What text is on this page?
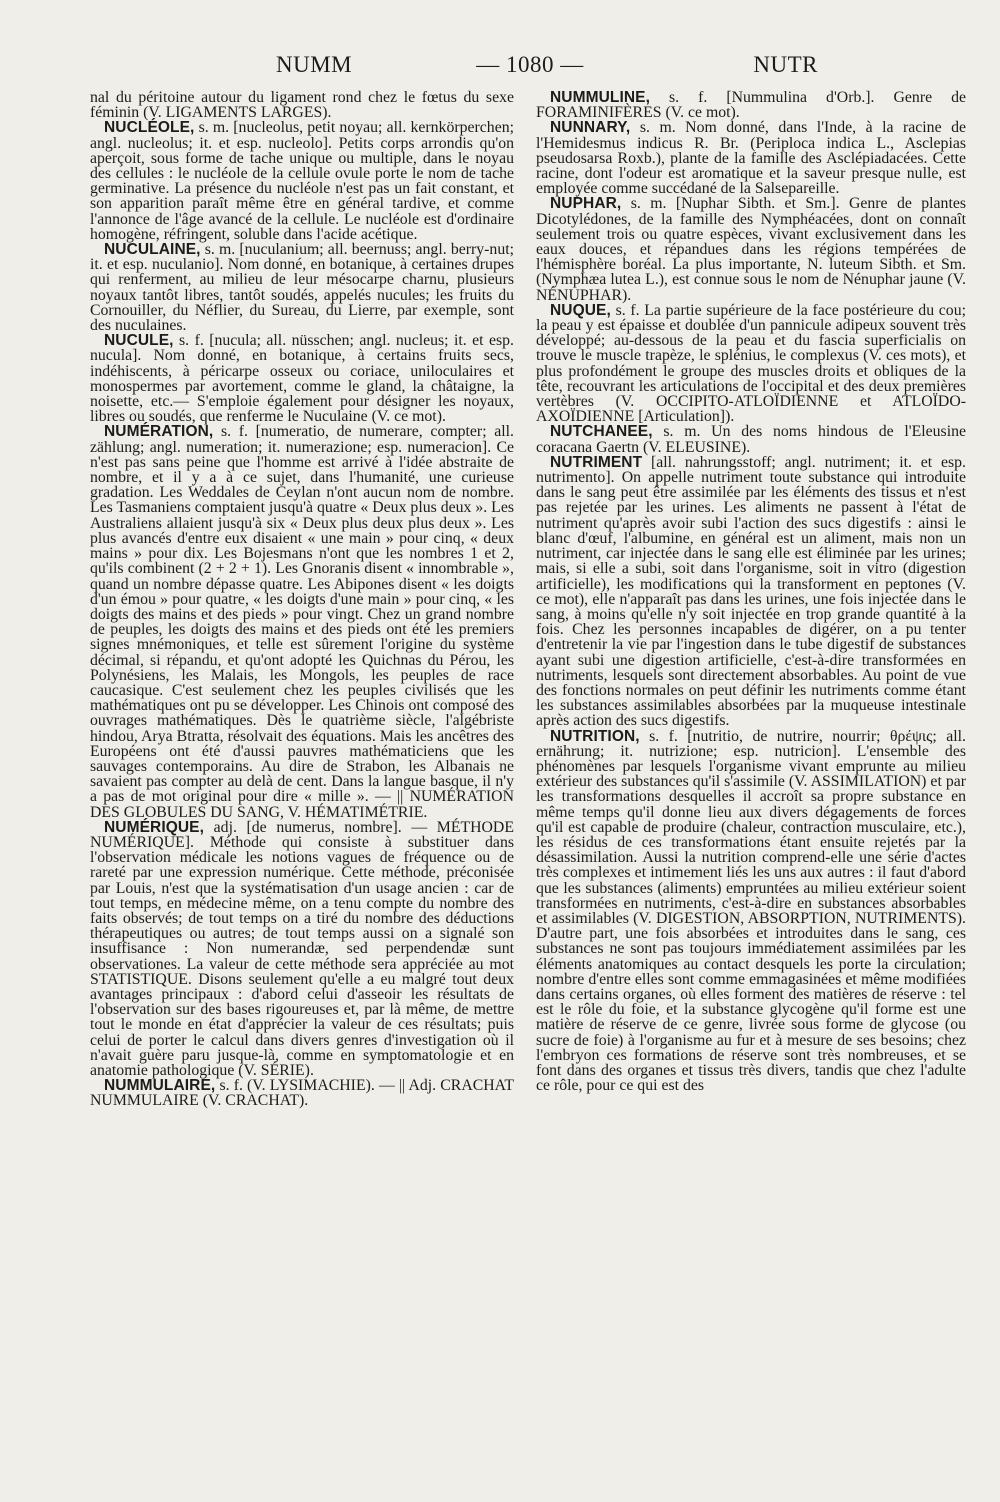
NUMM	— 1080 —	NUTR

nal du péritoine autour du ligament rond chez le fœtus du sexe féminin (V. LIGAMENTS LARGES).

NUCLÉOLE, s. m. [nucleolus, petit noyau; all. kernkörperchen; angl. nucleolus; it. et esp. nucleolo]. Petits corps arrondis qu'on aperçoit, sous forme de tache unique ou multiple, dans le noyau des cellules : le nucléole de la cellule ovule porte le nom de tache germinative. La présence du nucléole n'est pas un fait constant, et son apparition paraît même être en général tardive, et comme l'annonce de l'âge avancé de la cellule. Le nucléole est d'ordinaire homogène, réfringent, soluble dans l'acide acétique.

NUCULAINE, s. m. [nuculanium; all. beernuss; angl. berry-nut; it. et esp. nuculanio]. Nom donné, en botanique, à certaines drupes qui renferment, au milieu de leur mésocarpe charnu, plusieurs noyaux tantôt libres, tantôt soudés, appelés nucules; les fruits du Cornouiller, du Néflier, du Sureau, du Lierre, par exemple, sont des nuculaines.

NUCULE, s. f. [nucula; all. nüsschen; angl. nucleus; it. et esp. nucula]. Nom donné, en botanique, à certains fruits secs, indéhiscents, à péricarpe osseux ou coriace, uniloculaires et monospermes par avortement, comme le gland, la châtaigne, la noisette, etc.— S'emploie également pour désigner les noyaux, libres ou soudés, que renferme le Nuculaine (V. ce mot).

NUMÉRATION, s. f. [numeratio, de numerare, compter; all. zählung; angl. numeration; it. numerazione; esp. numeracion]. Ce n'est pas sans peine que l'homme est arrivé à l'idée abstraite de nombre, et il y a à ce sujet, dans l'humanité, une curieuse gradation. Les Weddales de Ceylan n'ont aucun nom de nombre. Les Tasmaniens comptaient jusqu'à quatre « Deux plus deux ». Les Australiens allaient jusqu'à six « Deux plus deux plus deux ». Les plus avancés d'entre eux disaient « une main » pour cinq, « deux mains » pour dix. Les Bojesmans n'ont que les nombres 1 et 2, qu'ils combinent (2 + 2 + 1). Les Gnoranis disent « innombrable », quand un nombre dépasse quatre. Les Abipones disent « les doigts d'un émou » pour quatre, « les doigts d'une main » pour cinq, « les doigts des mains et des pieds » pour vingt. Chez un grand nombre de peuples, les doigts des mains et des pieds ont été les premiers signes mnémoniques, et telle est sûrement l'origine du système décimal, si répandu, et qu'ont adopté les Quichnas du Pérou, les Polynésiens, les Malais, les Mongols, les peuples de race caucasique. C'est seulement chez les peuples civilisés que les mathématiques ont pu se développer. Les Chinois ont composé des ouvrages mathématiques. Dès le quatrième siècle, l'algébriste hindou, Arya Btratta, résolvait des équations. Mais les ancêtres des Européens ont été d'aussi pauvres mathématiciens que les sauvages contemporains. Au dire de Strabon, les Albanais ne savaient pas compter au delà de cent. Dans la langue basque, il n'y a pas de mot original pour dire « mille ». — || NUMÉRATION DES GLOBULES DU SANG, V. HÉMATIMÉTRIE.

NUMÉRIQUE, adj. [de numerus, nombre]. — MÉTHODE NUMÉRIQUE]. Méthode qui consiste à substituer dans l'observation médicale les notions vagues de fréquence ou de rareté par une expression numérique. Cette méthode, préconisée par Louis, n'est que la systématisation d'un usage ancien : car de tout temps, en médecine même, on a tenu compte du nombre des faits observés; de tout temps on a tiré du nombre des déductions thérapeutiques ou autres; de tout temps aussi on a signalé son insuffisance : Non numerandæ, sed perpendendæ sunt observationes. La valeur de cette méthode sera appréciée au mot STATISTIQUE. Disons seulement qu'elle a eu malgré tout deux avantages principaux : d'abord celui d'asseoir les résultats de l'observation sur des bases rigoureuses et, par là même, de mettre tout le monde en état d'apprécier la valeur de ces résultats; puis celui de porter le calcul dans divers genres d'investigation où il n'avait guère paru jusque-là, comme en symptomatologie et en anatomie pathologique (V. SÉRIE).

NUMMULAIRE, s. f. (V. LYSIMACHIE). — || Adj. CRACHAT NUMMULAIRE (V. CRACHAT).

NUMMULINE, s. f. [Nummulina d'Orb.]. Genre de FORAMINIFÈRES (V. ce mot).

NUNNARY, s. m. Nom donné, dans l'Inde, à la racine de l'Hemidesmus indicus R. Br. (Periploca indica L., Asclepias pseudosarsa Roxb.), plante de la famille des Asclépiadacées. Cette racine, dont l'odeur est aromatique et la saveur presque nulle, est employée comme succédané de la Salsepareille.

NUPHAR, s. m. [Nuphar Sibth. et Sm.]. Genre de plantes Dicotylédones, de la famille des Nymphéacées, dont on connaît seulement trois ou quatre espèces, vivant exclusivement dans les eaux douces, et répandues dans les régions tempérées de l'hémisphère boréal. La plus importante, N. luteum Sibth. et Sm. (Nymphæa lutea L.), est connue sous le nom de Nénuphar jaune (V. NÉNUPHAR).

NUQUE, s. f. La partie supérieure de la face postérieure du cou; la peau y est épaisse et doublée d'un pannicule adipeux souvent très développé; au-dessous de la peau et du fascia superficialis on trouve le muscle trapèze, le splénius, le complexus (V. ces mots), et plus profondément le groupe des muscles droits et obliques de la tête, recouvrant les articulations de l'occipital et des deux premières vertèbres (V. OCCIPITO-ATLOÏDIENNE et ATLOÏDO-AXOÏDIENNE [Articulation]).

NUTCHANEE, s. m. Un des noms hindous de l'Eleusine coracana Gaertn (V. ELEUSINE).

NUTRIMENT [all. nahrungsstoff; angl. nutriment; it. et esp. nutrimento]. On appelle nutriment toute substance qui introduite dans le sang peut être assimilée par les éléments des tissus et n'est pas rejetée par les urines. Les aliments ne passent à l'état de nutriment qu'après avoir subi l'action des sucs digestifs : ainsi le blanc d'œuf, l'albumine, en général est un aliment, mais non un nutriment, car injectée dans le sang elle est éliminée par les urines; mais, si elle a subi, soit dans l'organisme, soit in vitro (digestion artificielle), les modifications qui la transforment en peptones (V. ce mot), elle n'apparaît pas dans les urines, une fois injectée dans le sang, à moins qu'elle n'y soit injectée en trop grande quantité à la fois. Chez les personnes incapables de digérer, on a pu tenter d'entretenir la vie par l'ingestion dans le tube digestif de substances ayant subi une digestion artificielle, c'est-à-dire transformées en nutriments, lesquels sont directement absorbables. Au point de vue des fonctions normales on peut définir les nutriments comme étant les substances assimilables absorbées par la muqueuse intestinale après action des sucs digestifs.

NUTRITION, s. f. [nutritio, de nutrire, nourrir; θρέψις; all. ernährung; it. nutrizione; esp. nutricion]. L'ensemble des phénomènes par lesquels l'organisme vivant emprunte au milieu extérieur des substances qu'il s'assimile (V. ASSIMILATION) et par les transformations desquelles il accroît sa propre substance en même temps qu'il donne lieu aux divers dégagements de forces qu'il est capable de produire (chaleur, contraction musculaire, etc.), les résidus de ces transformations étant ensuite rejetés par la désassimilation. Aussi la nutrition comprend-elle une série d'actes très complexes et intimement liés les uns aux autres : il faut d'abord que les substances (aliments) empruntées au milieu extérieur soient transformées en nutriments, c'est-à-dire en substances absorbables et assimilables (V. DIGESTION, ABSORPTION, NUTRIMENTS). D'autre part, une fois absorbées et introduites dans le sang, ces substances ne sont pas toujours immédiatement assimilées par les éléments anatomiques au contact desquels les porte la circulation; nombre d'entre elles sont comme emmagasinées et même modifiées dans certains organes, où elles forment des matières de réserve : tel est le rôle du foie, et la substance glycogène qu'il forme est une matière de réserve de ce genre, livrée sous forme de glycose (ou sucre de foie) à l'organisme au fur et à mesure de ses besoins; chez l'embryon ces formations de réserve sont très nombreuses, et se font dans des organes et tissus très divers, tandis que chez l'adulte ce rôle, pour ce qui est des
